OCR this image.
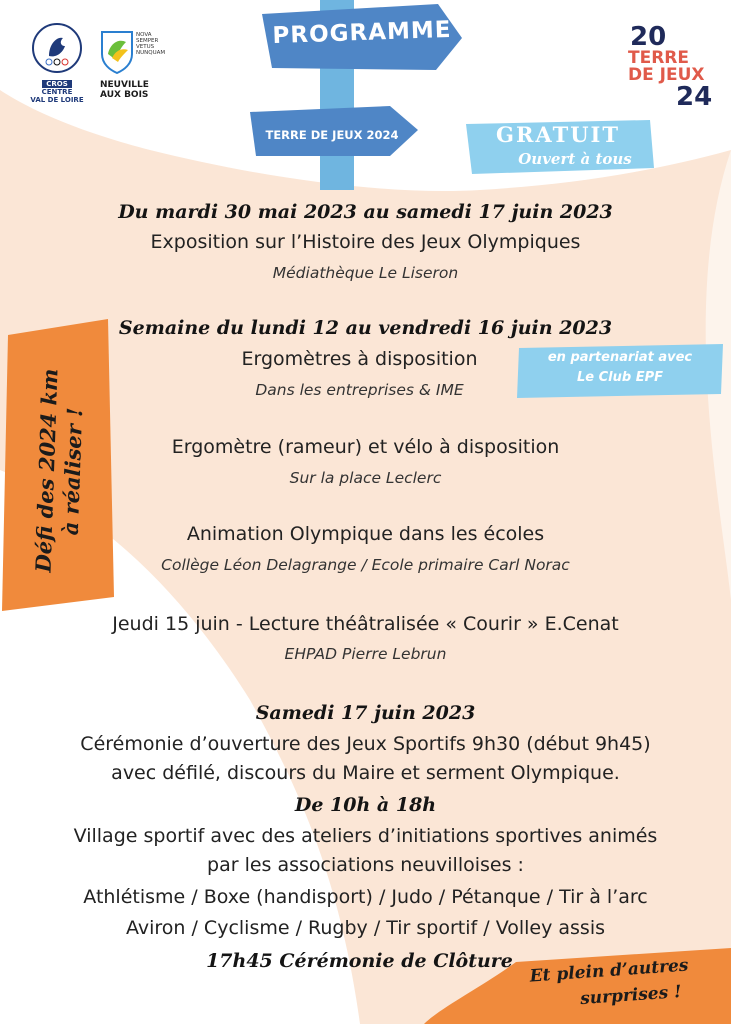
CROS
CENTRE
VAL DE LOIRE
NOVA
SEMPER
VETUS
NUNQUAM
NEUVILLE
AUX BOIS
PROGRAMME
TERRE DE JEUX 2024	GRATUIT
Ouvert à tous
20
TERRE
DE JEUX
24
Défi des 2024 km
à réaliser !
en partenariat avec
Le Club EPF
Du mardi 30 mai 2023 au samedi 17 juin 2023
Exposition sur l’Histoire des Jeux Olympiques
Médiathèque Le Liseron
Semaine du lundi 12 au vendredi 16 juin 2023
Ergomètres à disposition
Dans les entreprises & IME
Ergomètre (rameur) et vélo à disposition
Sur la place Leclerc
Animation Olympique dans les écoles
Collège Léon Delagrange / Ecole primaire Carl Norac
Jeudi 15 juin - Lecture théâtralisée « Courir » E.Cenat
EHPAD Pierre Lebrun
Samedi 17 juin 2023
Cérémonie d’ouverture des Jeux Sportifs 9h30 (début 9h45)
avec défilé, discours du Maire et serment Olympique.
De 10h à 18h
Village sportif avec des ateliers d’initiations sportives animés
par les associations neuvilloises :
Athlétisme / Boxe (handisport) / Judo / Pétanque / Tir à l’arc
Aviron / Cyclisme / Rugby / Tir sportif / Volley assis
17h45 Cérémonie de Clôture Et plein d’autres
surprises !
